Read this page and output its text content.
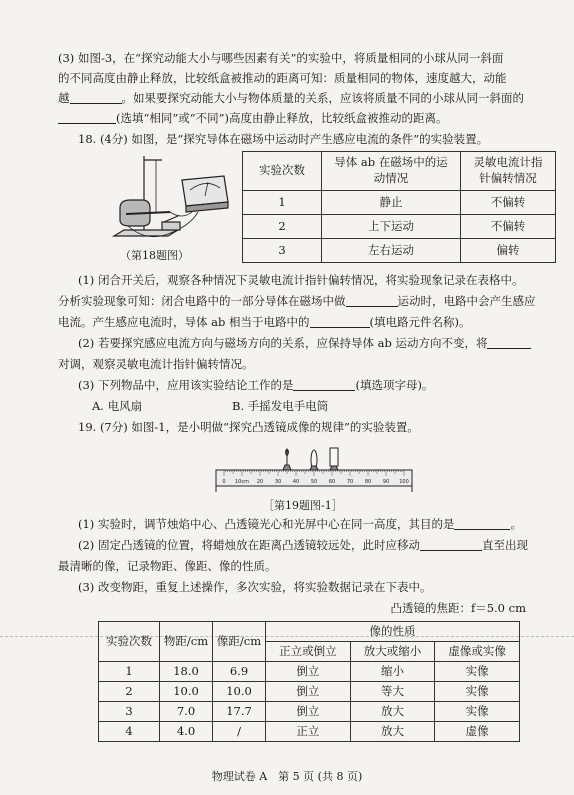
(3) 如图-3，在“探究动能大小与哪些因素有关”的实验中，将质量相同的小球从同一斜面
的不同高度由静止释放，比较纸盒被推动的距离可知：质量相同的物体，速度越大，动能
越	。如果要探究动能大小与物体质量的关系，应该将质量不同的小球从同一斜面的
(选填“相同”或“不同”)高度由静止释放，比较纸盒被推动的距离。
18. (4分) 如图，是“探究导体在磁场中运动时产生感应电流的条件”的实验装置。
（第18题图）
实验次数	导体 ab 在磁场中的运动情况	灵敏电流计指针偏转情况
1	静止	不偏转
2	上下运动	不偏转
3	左右运动	偏转
(1) 闭合开关后，观察各种情况下灵敏电流计指针偏转情况，将实验现象记录在表格中。
分析实验现象可知：闭合电路中的一部分导体在磁场中做	运动时，电路中会产生感应
电流。产生感应电流时，导体 ab 相当于电路中的	(填电路元件名称)。
(2) 若要探究感应电流方向与磁场方向的关系，应保持导体 ab 运动方向不变，将
对调，观察灵敏电流计指针偏转情况。
(3) 下列物品中，应用该实验结论工作的是	(填选项字母)。
A. 电风扇	B. 手摇发电手电筒
19. (7分) 如图-1，是小明做“探究凸透镜成像的规律”的实验装置。
0 10cm 20 30 40 50 60 70 80 90 100
［第19题图-1］
(1) 实验时，调节烛焰中心、凸透镜光心和光屏中心在同一高度，其目的是	。
(2) 固定凸透镜的位置，将蜡烛放在距离凸透镜较远处，此时应移动	直至出现
最清晰的像，记录物距、像距、像的性质。
(3) 改变物距，重复上述操作，多次实验，将实验数据记录在下表中。
凸透镜的焦距：f＝5.0 cm
实验次数	物距/cm	像距/cm	像的性质		
			正立或倒立	放大或缩小	虚像或实像
1	18.0	6.9	倒立	缩小	实像
2	10.0	10.0	倒立	等大	实像
3	7.0	17.7	倒立	放大	实像
4	4.0	/	正立	放大	虚像
物理试卷 A　第 5 页 (共 8 页)
